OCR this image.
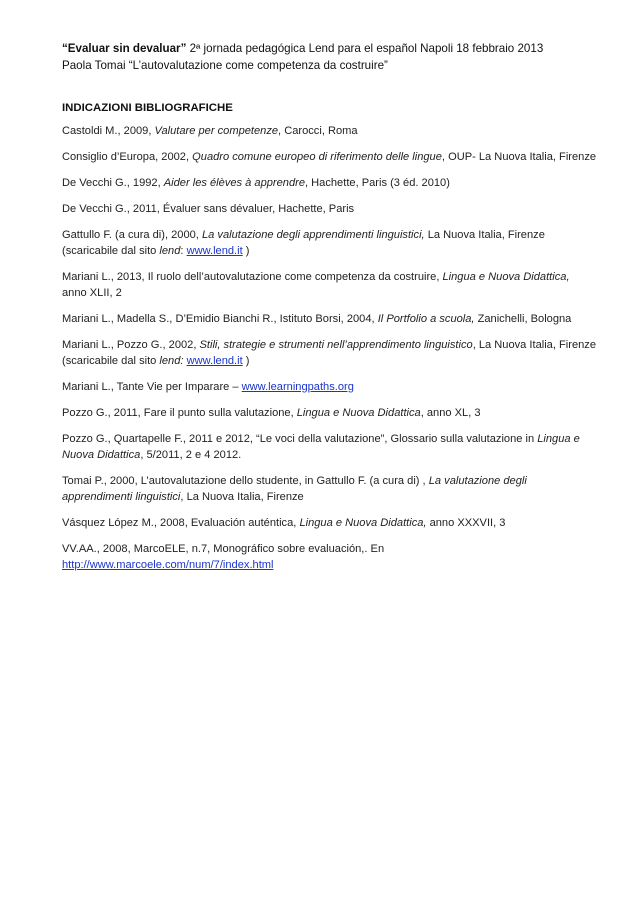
“Evaluar sin devaluar” 2ª jornada pedagógica Lend para el español Napoli 18 febbraio 2013
Paola Tomai “L’autovalutazione come competenza da costruire”
INDICAZIONI BIBLIOGRAFICHE
Castoldi M., 2009, Valutare per competenze, Carocci, Roma
Consiglio d’Europa, 2002, Quadro comune europeo di riferimento delle lingue, OUP- La Nuova Italia, Firenze
De Vecchi G., 1992, Aider les élèves à apprendre, Hachette, Paris (3 éd. 2010)
De Vecchi G., 2011, Évaluer sans dévaluer, Hachette, Paris
Gattullo F. (a cura di), 2000, La valutazione degli apprendimenti linguistici, La Nuova Italia, Firenze
(scaricabile dal sito lend: www.lend.it )
Mariani L., 2013, Il ruolo dell’autovalutazione come competenza da costruire, Lingua e Nuova Didattica,
anno XLII, 2
Mariani L., Madella S., D’Emidio Bianchi R., Istituto Borsi, 2004, Il Portfolio a scuola, Zanichelli, Bologna
Mariani L., Pozzo G., 2002, Stili, strategie e strumenti nell’apprendimento linguistico, La Nuova Italia, Firenze
(scaricabile dal sito lend: www.lend.it )
Mariani L., Tante Vie per Imparare – www.learningpaths.org
Pozzo G., 2011, Fare il punto sulla valutazione, Lingua e Nuova Didattica, anno XL, 3
Pozzo G., Quartapelle F., 2011 e 2012, “Le voci della valutazione”, Glossario sulla valutazione in Lingua e
Nuova Didattica, 5/2011, 2 e 4 2012.
Tomai P., 2000, L’autovalutazione dello studente, in Gattullo F. (a cura di) , La valutazione degli
apprendimenti linguistici, La Nuova Italia, Firenze
Vásquez López M., 2008, Evaluación auténtica, Lingua e Nuova Didattica, anno XXXVII, 3
VV.AA., 2008, MarcoELE, n.7, Monográfico sobre evaluación,. En
http://www.marcoele.com/num/7/index.html
